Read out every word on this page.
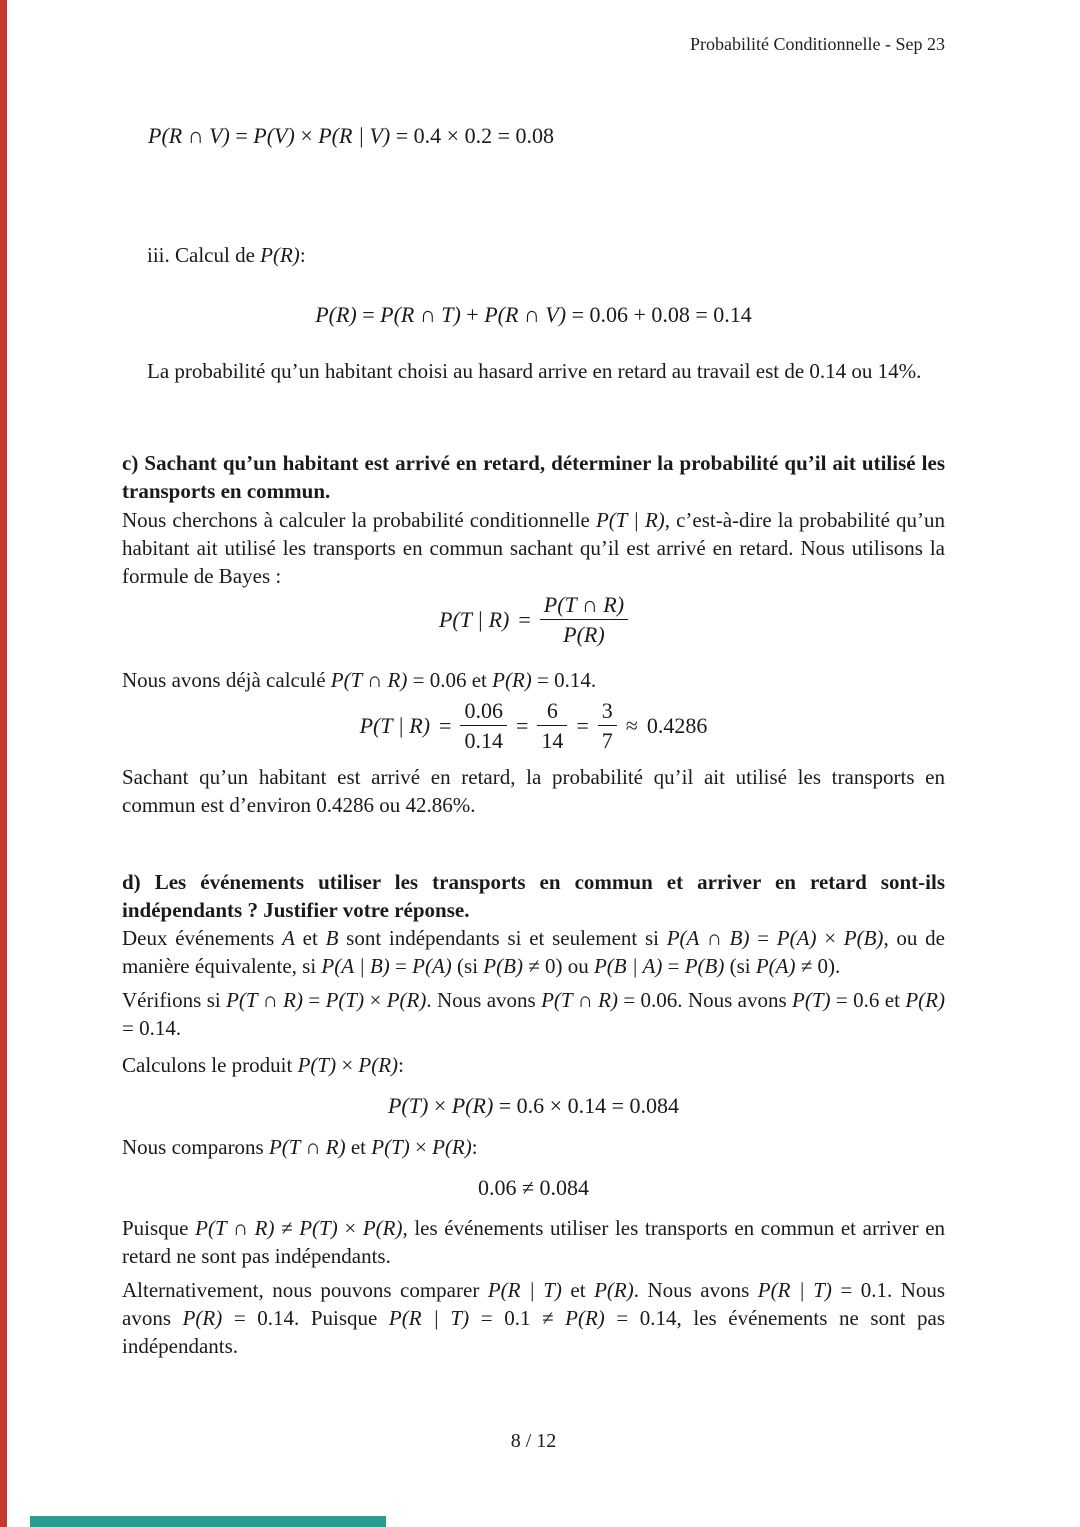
Probabilité Conditionnelle - Sep 23
P(R ∩ V) = P(V) × P(R | V) = 0.4 × 0.2 = 0.08
iii. Calcul de P(R):
P(R) = P(R ∩ T) + P(R ∩ V) = 0.06 + 0.08 = 0.14
La probabilité qu’un habitant choisi au hasard arrive en retard au travail est de 0.14 ou 14%.
c) Sachant qu’un habitant est arrivé en retard, déterminer la probabilité qu’il ait utilisé les transports en commun.
Nous cherchons à calculer la probabilité conditionnelle P(T | R), c’est-à-dire la probabilité qu’un habitant ait utilisé les transports en commun sachant qu’il est arrivé en retard. Nous utilisons la formule de Bayes :
P(T | $R) = \frac{P(T \cap R)}{P(R)}$
Nous avons déjà calculé P(T ∩ R) = 0.06 et P(R) = 0.14.
P(T | $R) = \frac{0.06}{0.14} = \frac{6}{14} = \frac{3}{7} \approx 0.4286$
Sachant qu’un habitant est arrivé en retard, la probabilité qu’il ait utilisé les transports en commun est d’environ 0.4286 ou 42.86%.
d) Les événements utiliser les transports en commun et arriver en retard sont-ils indépendants ? Justifier votre réponse.
Deux événements A et B sont indépendants si et seulement si P(A ∩ B) = P(A) × P(B), ou de manière équivalente, si P(A | B) = P(A) (si P(B) ≠ 0) ou P(B | A) = P(B) (si P(A) ≠ 0).
Vérifions si P(T ∩ R) = P(T) × P(R). Nous avons P(T ∩ R) = 0.06. Nous avons P(T) = 0.6 et P(R) = 0.14.
Calculons le produit P(T) × P(R):
P(T) × P(R) = 0.6 × 0.14 = 0.084
Nous comparons P(T ∩ R) et P(T) × P(R):
0.06 ≠ 0.084
Puisque P(T ∩ R) ≠ P(T) × P(R), les événements utiliser les transports en commun et arriver en retard ne sont pas indépendants.
Alternativement, nous pouvons comparer P(R | T) et P(R). Nous avons P(R | T) = 0.1. Nous avons P(R) = 0.14. Puisque P(R | T) = 0.1 ≠ P(R) = 0.14, les événements ne sont pas indépendants.
8 / 12
